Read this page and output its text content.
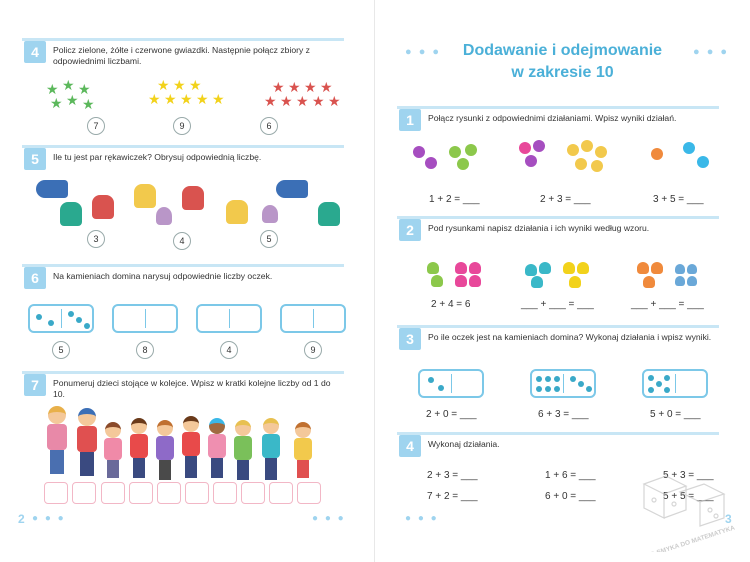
4	Policz zielone, żółte i czerwone gwiazdki. Następnie połącz zbiory z odpowiednimi liczbami.
★ ★ ★
★ ★ ★
★ ★ ★
★ ★ ★ ★ ★
★ ★ ★ ★
★ ★ ★ ★ ★
7	9	6
5	Ile tu jest par rękawiczek? Obrysuj odpowiednią liczbę.
3	4	5
6	Na kamieniach domina narysuj odpowiednie liczby oczek.
5	8	4	9
7	Ponumeruj dzieci stojące w kolejce. Wpisz w kratki kolejne liczby od 1 do 10.
2 ● ● ●	● ● ●
● ● ●	● ● ●
Dodawanie i odejmowanie
w zakresie 10
1	Połącz rysunki z odpowiednimi działaniami. Wpisz wyniki działań.
1 + 2 = ___	2 + 3 = ___	3 + 5 = ___
2	Pod rysunkami napisz działania i ich wyniki według wzoru.
2 + 4 = 6	___ + ___ = ___	___ + ___ = ___
3	Po ile oczek jest na kamieniach domina? Wykonaj działania i wpisz wyniki.
2 + 0 = ___	6 + 3 = ___	5 + 0 = ___
4	Wykonaj działania.
2 + 3 = ___	1 + 6 = ___	5 + 3 = ___
7 + 2 = ___	6 + 0 = ___	5 + 5 = ___
OD SMYKA DO MATEMATYKA
● ● ●	3
